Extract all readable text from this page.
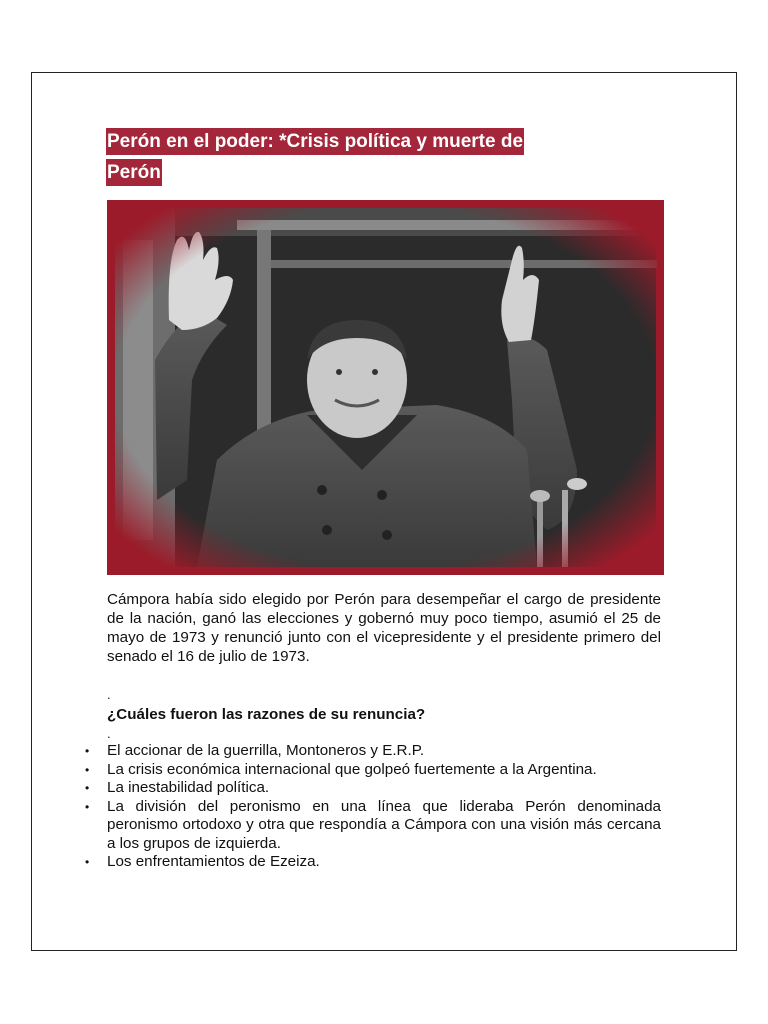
Perón en el poder: *Crisis política y muerte de
Perón

Cámpora había sido elegido por Perón para desempeñar el cargo de presidente de la nación, ganó las elecciones y gobernó muy poco tiempo, asumió el 25 de mayo de 1973 y renunció junto con el vicepresidente y el presidente primero del senado el 16 de julio de 1973.

.

¿Cuáles fueron las razones de su renuncia?

.
• El accionar de la guerrilla, Montoneros y E.R.P.
• La crisis económica internacional que golpeó fuertemente a la Argentina.
• La inestabilidad política.
• La división del peronismo en una línea que lideraba Perón denominada peronismo ortodoxo y otra que respondía a Cámpora con una visión más cercana a los grupos de izquierda.
• Los enfrentamientos de Ezeiza.
